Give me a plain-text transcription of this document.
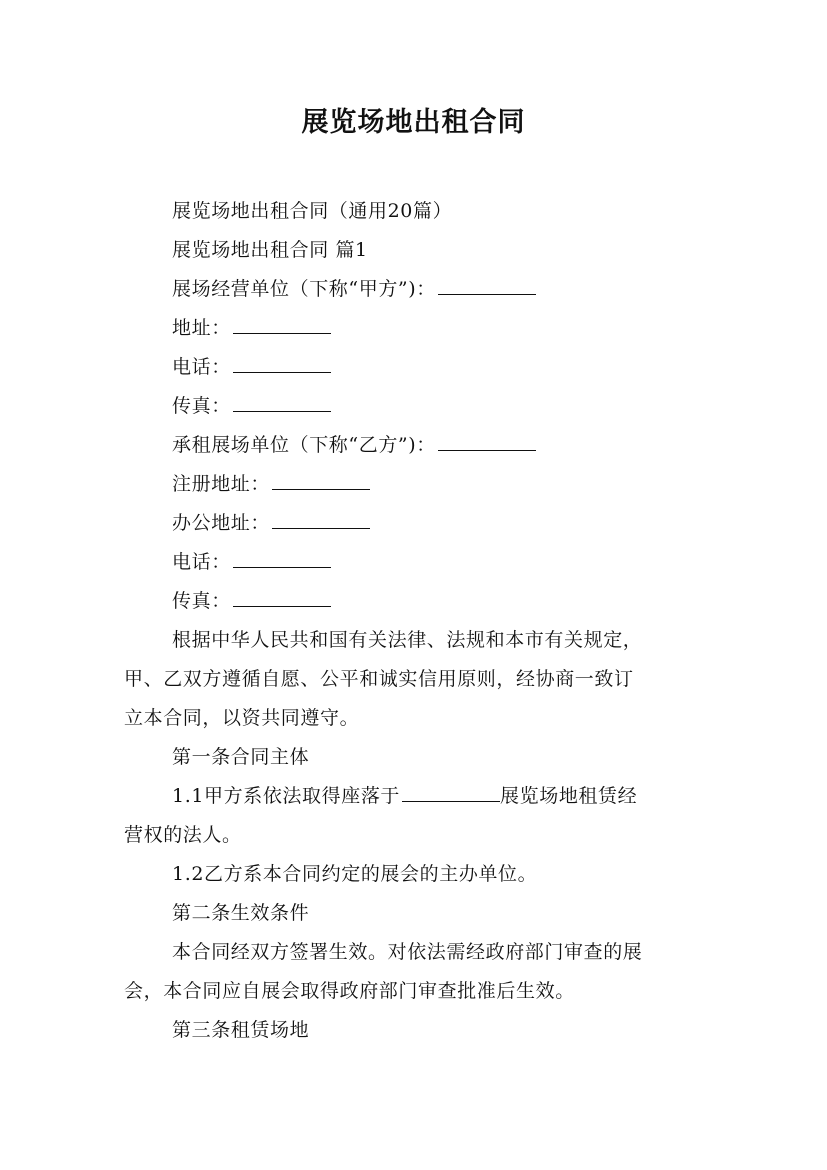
展览场地出租合同

展览场地出租合同（通用20篇）

展览场地出租合同 篇1

展场经营单位（下称“甲方”)：

地址：

电话：

传真：

承租展场单位（下称“乙方”)：

注册地址：

办公地址：

电话：

传真：

根据中华人民共和国有关法律、法规和本市有关规定，

甲、乙双方遵循自愿、公平和诚实信用原则，经协商一致订

立本合同，以资共同遵守。

第一条合同主体

1.1甲方系依法取得座落于	展览场地租赁经

营权的法人。

1.2乙方系本合同约定的展会的主办单位。

第二条生效条件

本合同经双方签署生效。对依法需经政府部门审查的展

会，本合同应自展会取得政府部门审查批准后生效。

第三条租赁场地
